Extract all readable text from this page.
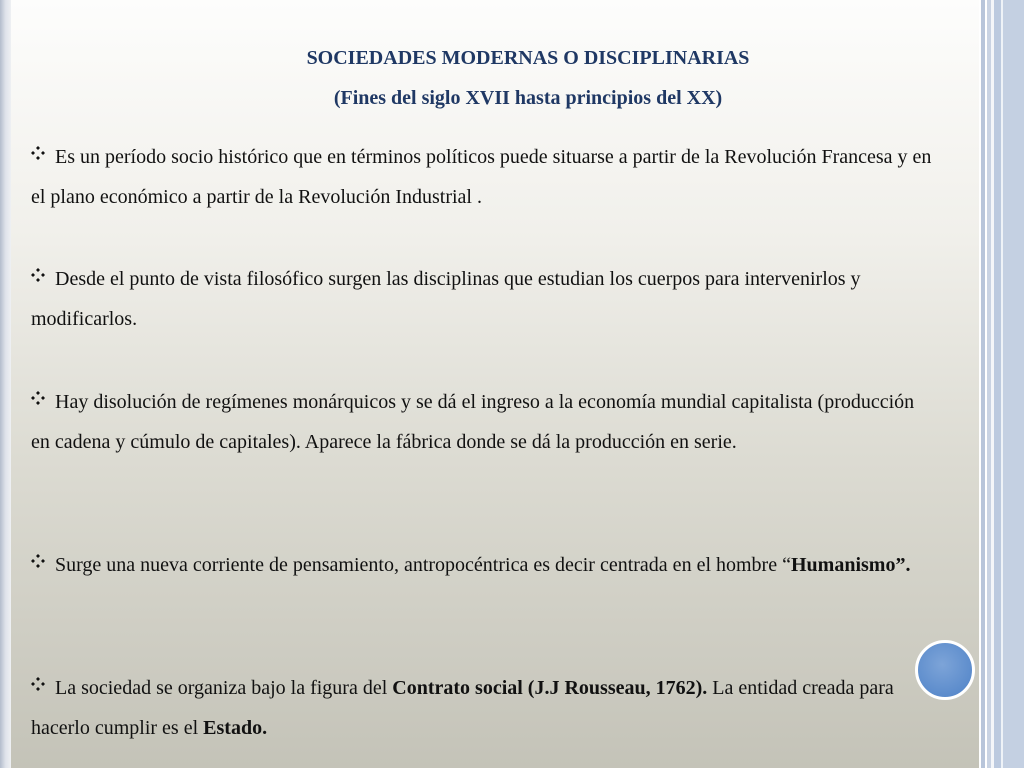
SOCIEDADES MODERNAS O DISCIPLINARIAS
(Fines del siglo XVII hasta principios del XX)
Es un período socio histórico que en términos políticos puede situarse a partir de la Revolución Francesa y en el plano económico a partir de la Revolución Industrial .
Desde el punto de vista filosófico surgen las disciplinas que estudian los cuerpos para intervenirlos y modificarlos.
Hay disolución de regímenes monárquicos y se dá el ingreso a la economía mundial capitalista (producción en cadena y cúmulo de capitales). Aparece la fábrica donde se dá la producción en serie.
Surge una nueva corriente de pensamiento, antropocéntrica es decir centrada en el hombre “Humanismo”.
La sociedad se organiza bajo la figura del Contrato social (J.J Rousseau, 1762). La entidad creada para hacerlo cumplir es el Estado.
